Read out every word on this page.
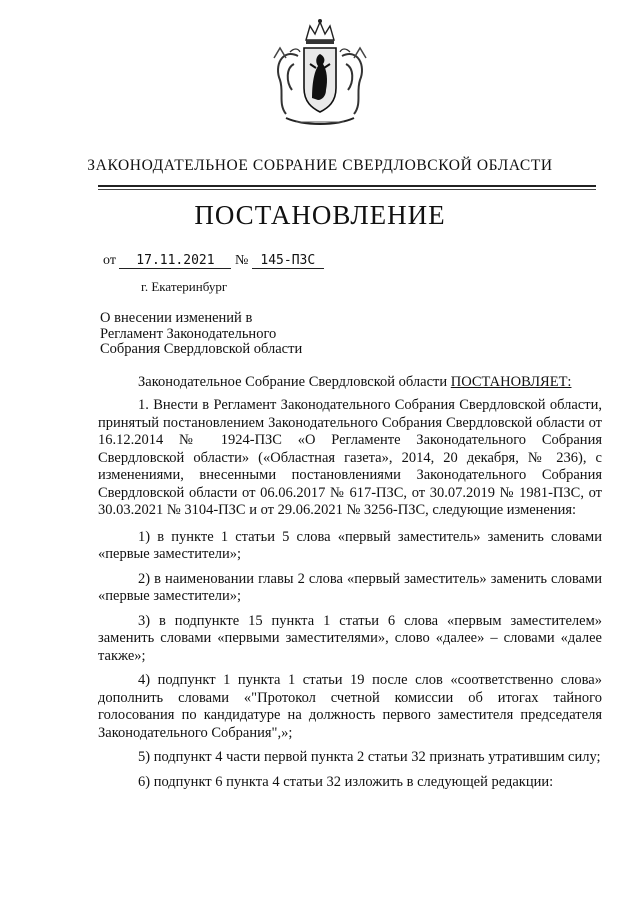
ЗАКОНОДАТЕЛЬНОЕ СОБРАНИЕ СВЕРДЛОВСКОЙ ОБЛАСТИ
ПОСТАНОВЛЕНИЕ
от 17.11.2021 № 145-ПЗС
г. Екатеринбург
О внесении изменений в
Регламент Законодательного
Собрания Свердловской области

Законодательное Собрание Свердловской области ПОСТАНОВЛЯЕТ:

1. Внести в Регламент Законодательного Собрания Свердловской области, принятый постановлением Законодательного Собрания Свердловской области от 16.12.2014 № 1924-ПЗС «О Регламенте Законодательного Собрания Свердловской области» («Областная газета», 2014, 20 декабря, № 236), с изменениями, внесенными постановлениями Законодательного Собрания Свердловской области от 06.06.2017 № 617-ПЗС, от 30.07.2019 № 1981-ПЗС, от 30.03.2021 № 3104-ПЗС и от 29.06.2021 № 3256-ПЗС, следующие изменения:

1) в пункте 1 статьи 5 слова «первый заместитель» заменить словами «первые заместители»;

2) в наименовании главы 2 слова «первый заместитель» заменить словами «первые заместители»;

3) в подпункте 15 пункта 1 статьи 6 слова «первым заместителем» заменить словами «первыми заместителями», слово «далее» – словами «далее также»;

4) подпункт 1 пункта 1 статьи 19 после слов «соответственно слова» дополнить словами «"Протокол счетной комиссии об итогах тайного голосования по кандидатуре на должность первого заместителя председателя Законодательного Собрания",»;

5) подпункт 4 части первой пункта 2 статьи 32 признать утратившим силу;

6) подпункт 6 пункта 4 статьи 32 изложить в следующей редакции:
